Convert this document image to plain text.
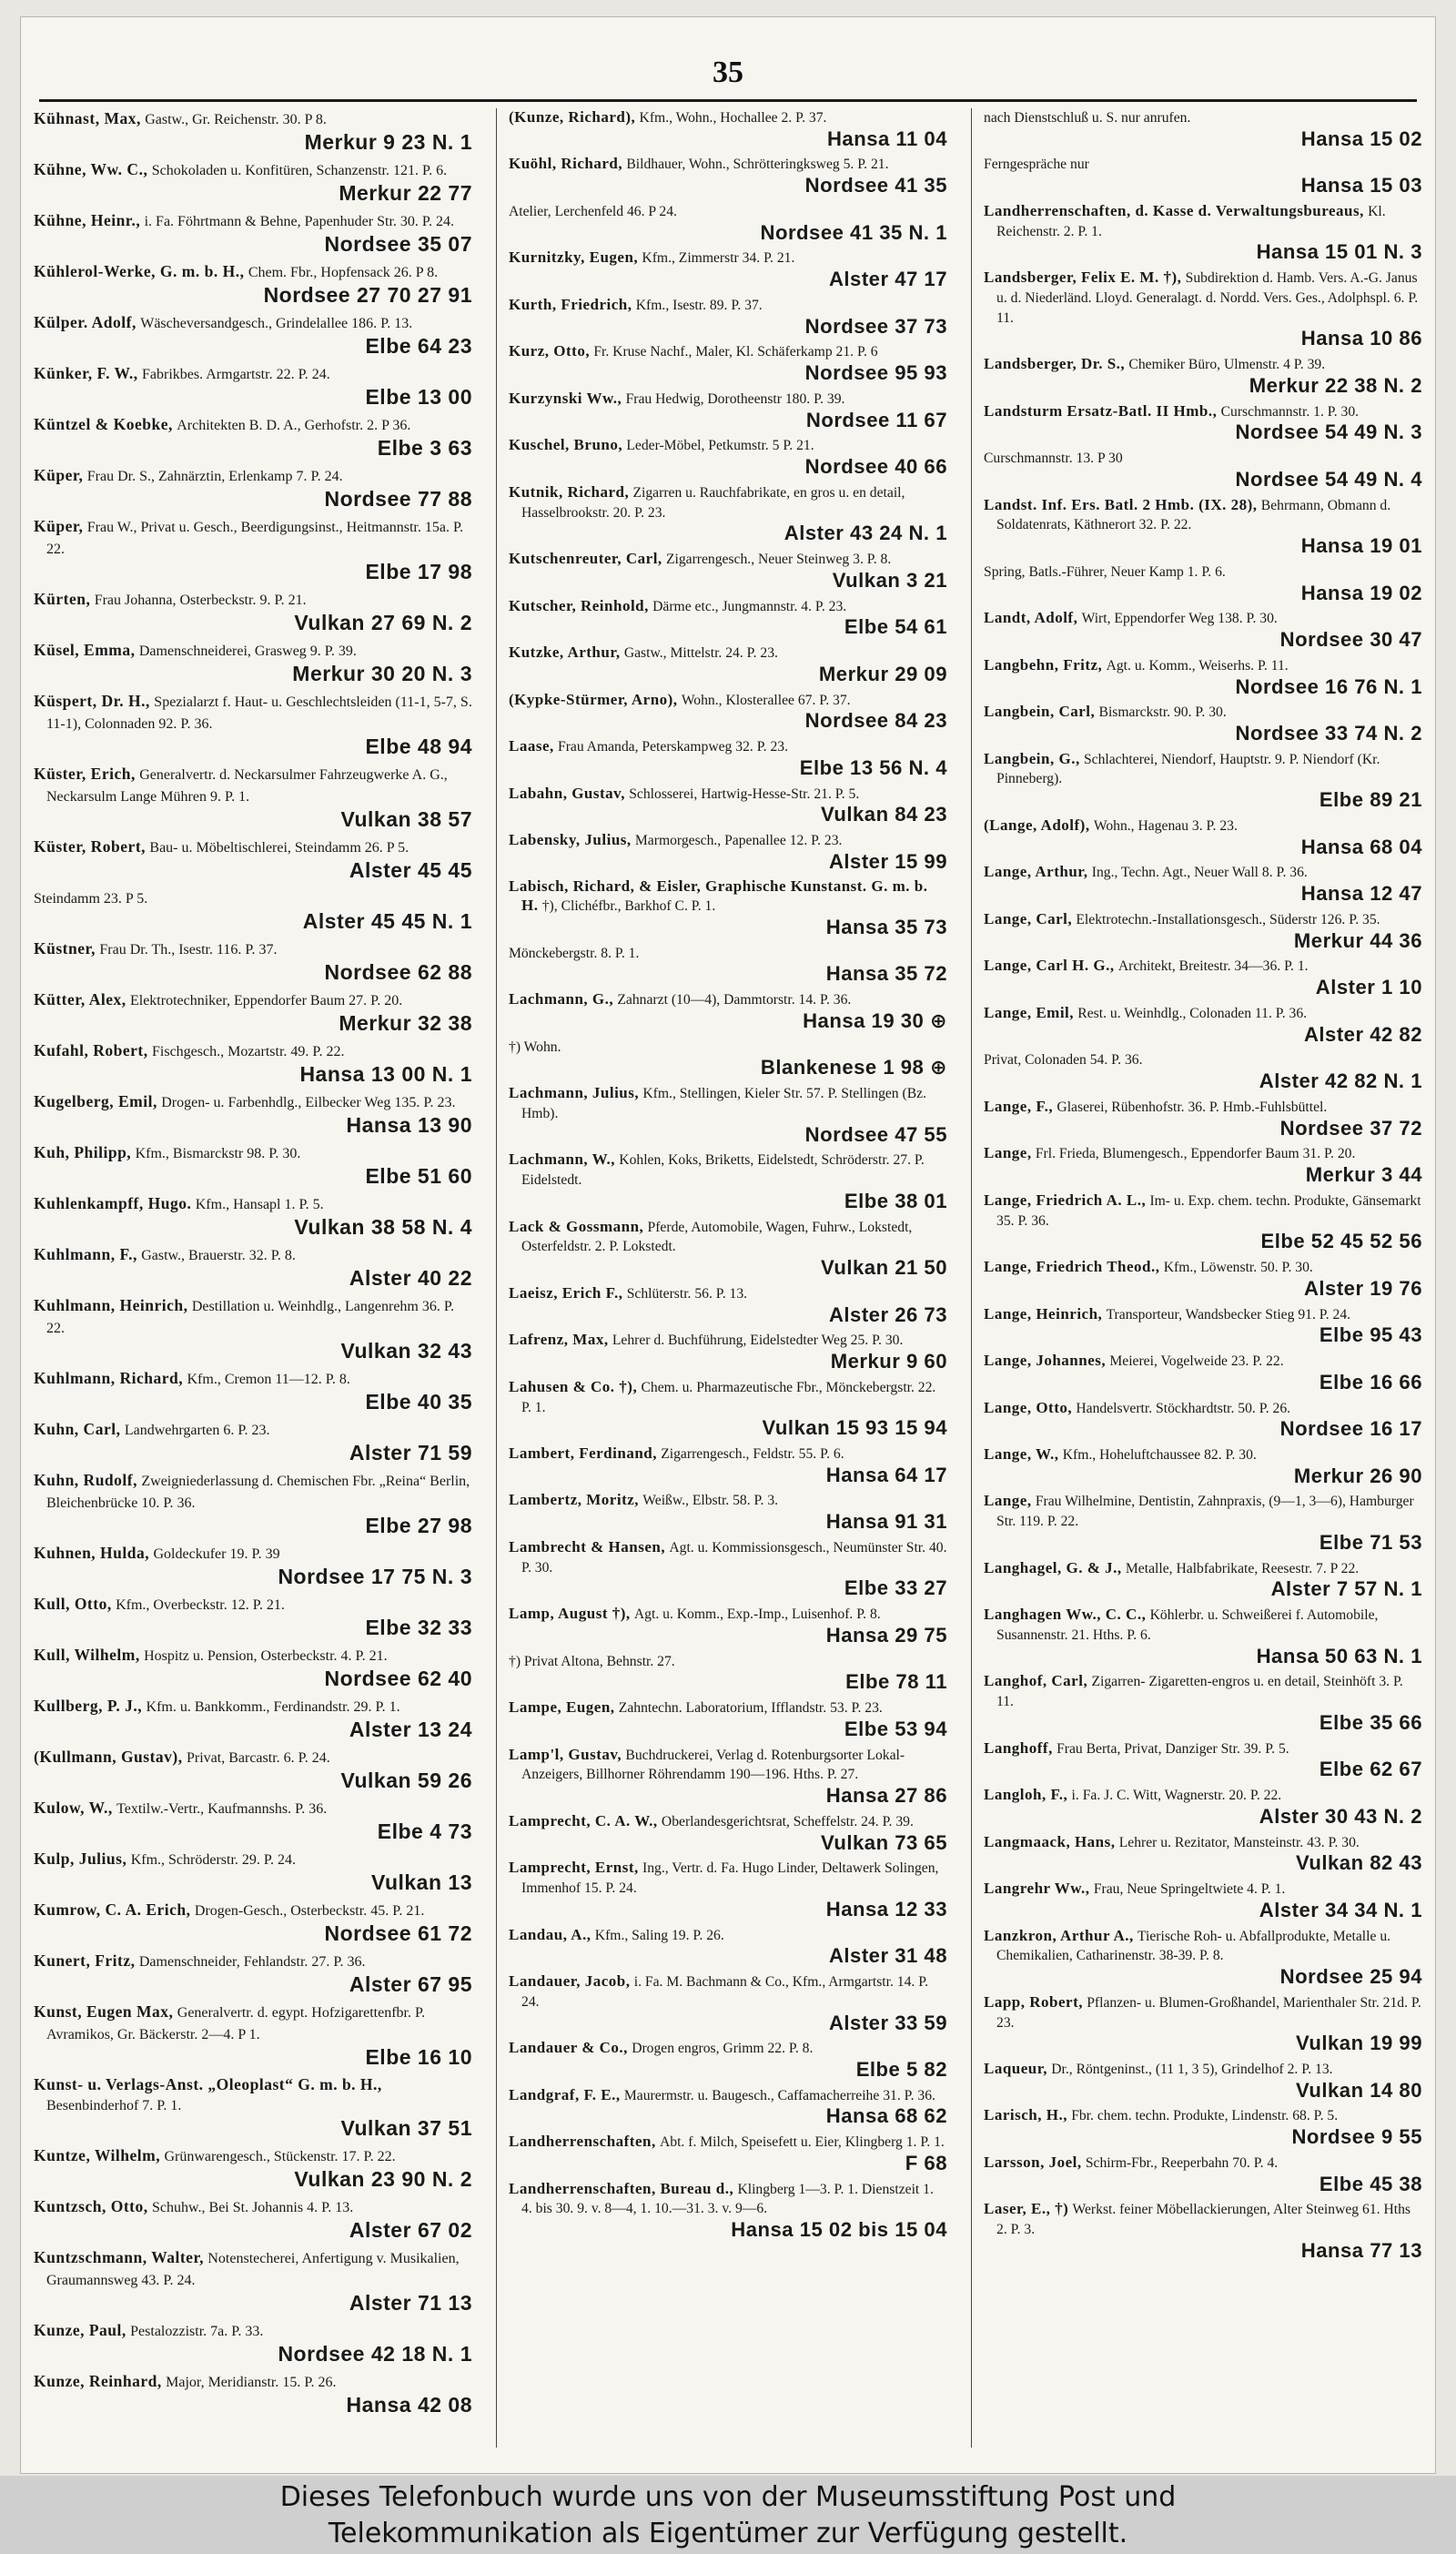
35
Kühnast, Max, Gastw., Gr. Reichenstr. 30. P 8.
Merkur 9 23 N. 1
Kühne, Ww. C., Schokoladen u. Konfitüren, Schanzenstr. 121. P. 6.
Merkur 22 77
Kühne, Heinr., i. Fa. Föhrtmann & Behne, Papenhuder Str. 30. P. 24.
Nordsee 35 07
Kühlerol-Werke, G. m. b. H., Chem. Fbr., Hopfensack 26. P 8.
Nordsee 27 70 27 91
Külper. Adolf, Wäscheversandgesch., Grindelallee 186. P. 13.
Elbe 64 23
Künker, F. W., Fabrikbes. Armgartstr. 22. P. 24.
Elbe 13 00
Küntzel & Koebke, Architekten B. D. A., Gerhofstr. 2. P 36.
Elbe 3 63
Küper, Frau Dr. S., Zahnärztin, Erlenkamp 7. P. 24.
Nordsee 77 88
Küper, Frau W., Privat u. Gesch., Beerdigungsinst., Heitmannstr. 15a. P. 22.
Elbe 17 98
Kürten, Frau Johanna, Osterbeckstr. 9. P. 21.
Vulkan 27 69 N. 2
Küsel, Emma, Damenschneiderei, Grasweg 9. P. 39.
Merkur 30 20 N. 3
Küspert, Dr. H., Spezialarzt f. Haut- u. Geschlechtsleiden (11-1, 5-7, S. 11-1), Colonnaden 92. P. 36.
Elbe 48 94
Küster, Erich, Generalvertr. d. Neckarsulmer Fahrzeugwerke A. G., Neckarsulm Lange Mühren 9. P. 1.
Vulkan 38 57
Küster, Robert, Bau- u. Möbeltischlerei, Steindamm 26. P 5.
Alster 45 45
Steindamm 23. P 5.
Alster 45 45 N. 1
Küstner, Frau Dr. Th., Isestr. 116. P. 37.
Nordsee 62 88
Kütter, Alex, Elektrotechniker, Eppendorfer Baum 27. P. 20.
Merkur 32 38
Kufahl, Robert, Fischgesch., Mozartstr. 49. P. 22.
Hansa 13 00 N. 1
Kugelberg, Emil, Drogen- u. Farbenhdlg., Eilbecker Weg 135. P. 23.
Hansa 13 90
Kuh, Philipp, Kfm., Bismarckstr 98. P. 30.
Elbe 51 60
Kuhlenkampff, Hugo. Kfm., Hansapl 1. P. 5.
Vulkan 38 58 N. 4
Kuhlmann, F., Gastw., Brauerstr. 32. P. 8.
Alster 40 22
Kuhlmann, Heinrich, Destillation u. Weinhdlg., Langenrehm 36. P. 22.
Vulkan 32 43
Kuhlmann, Richard, Kfm., Cremon 11—12. P. 8.
Elbe 40 35
Kuhn, Carl, Landwehrgarten 6. P. 23.
Alster 71 59
Kuhn, Rudolf, Zweigniederlassung d. Chemischen Fbr. „Reina“ Berlin, Bleichenbrücke 10. P. 36.
Elbe 27 98
Kuhnen, Hulda, Goldeckufer 19. P. 39
Nordsee 17 75 N. 3
Kull, Otto, Kfm., Overbeckstr. 12. P. 21.
Elbe 32 33
Kull, Wilhelm, Hospitz u. Pension, Osterbeckstr. 4. P. 21.
Nordsee 62 40
Kullberg, P. J., Kfm. u. Bankkomm., Ferdinandstr. 29. P. 1.
Alster 13 24
(Kullmann, Gustav), Privat, Barcastr. 6. P. 24.
Vulkan 59 26
Kulow, W., Textilw.-Vertr., Kaufmannshs. P. 36.
Elbe 4 73
Kulp, Julius, Kfm., Schröderstr. 29. P. 24.
Vulkan 13
Kumrow, C. A. Erich, Drogen-Gesch., Osterbeckstr. 45. P. 21.
Nordsee 61 72
Kunert, Fritz, Damenschneider, Fehlandstr. 27. P. 36.
Alster 67 95
Kunst, Eugen Max, Generalvertr. d. egypt. Hofzigarettenfbr. P. Avramikos, Gr. Bäckerstr. 2—4. P 1.
Elbe 16 10
Kunst- u. Verlags-Anst. „Oleoplast“ G. m. b. H., Besenbinderhof 7. P. 1.
Vulkan 37 51
Kuntze, Wilhelm, Grünwarengesch., Stückenstr. 17. P. 22.
Vulkan 23 90 N. 2
Kuntzsch, Otto, Schuhw., Bei St. Johannis 4. P. 13.
Alster 67 02
Kuntzschmann, Walter, Notenstecherei, Anfertigung v. Musikalien, Graumannsweg 43. P. 24.
Alster 71 13
Kunze, Paul, Pestalozzistr. 7a. P. 33.
Nordsee 42 18 N. 1
Kunze, Reinhard, Major, Meridianstr. 15. P. 26.
Hansa 42 08
(Kunze, Richard), Kfm., Wohn., Hochallee 2. P. 37.
Hansa 11 04
Kuöhl, Richard, Bildhauer, Wohn., Schrötteringksweg 5. P. 21.
Nordsee 41 35
Atelier, Lerchenfeld 46. P 24.
Nordsee 41 35 N. 1
Kurnitzky, Eugen, Kfm., Zimmerstr 34. P. 21.
Alster 47 17
Kurth, Friedrich, Kfm., Isestr. 89. P. 37.
Nordsee 37 73
Kurz, Otto, Fr. Kruse Nachf., Maler, Kl. Schäferkamp 21. P. 6
Nordsee 95 93
Kurzynski Ww., Frau Hedwig, Dorotheenstr 180. P. 39.
Nordsee 11 67
Kuschel, Bruno, Leder-Möbel, Petkumstr. 5 P. 21.
Nordsee 40 66
Kutnik, Richard, Zigarren u. Rauchfabrikate, en gros u. en detail, Hasselbrookstr. 20. P. 23.
Alster 43 24 N. 1
Kutschenreuter, Carl, Zigarrengesch., Neuer Steinweg 3. P. 8.
Vulkan 3 21
Kutscher, Reinhold, Därme etc., Jungmannstr. 4. P. 23.
Elbe 54 61
Kutzke, Arthur, Gastw., Mittelstr. 24. P. 23.
Merkur 29 09
(Kypke-Stürmer, Arno), Wohn., Klosterallee 67. P. 37.
Nordsee 84 23
Laase, Frau Amanda, Peterskampweg 32. P. 23.
Elbe 13 56 N. 4
Labahn, Gustav, Schlosserei, Hartwig-Hesse-Str. 21. P. 5.
Vulkan 84 23
Labensky, Julius, Marmorgesch., Papenallee 12. P. 23.
Alster 15 99
Labisch, Richard, & Eisler, Graphische Kunstanst. G. m. b. H. †), Clichéfbr., Barkhof C. P. 1.
Hansa 35 73
Mönckebergstr. 8. P. 1.
Hansa 35 72
Lachmann, G., Zahnarzt (10—4), Dammtorstr. 14. P. 36.
Hansa 19 30 ⊕
†) Wohn.
Blankenese 1 98 ⊕
Lachmann, Julius, Kfm., Stellingen, Kieler Str. 57. P. Stellingen (Bz. Hmb).
Nordsee 47 55
Lachmann, W., Kohlen, Koks, Briketts, Eidelstedt, Schröderstr. 27. P. Eidelstedt.
Elbe 38 01
Lack & Gossmann, Pferde, Automobile, Wagen, Fuhrw., Lokstedt, Osterfeldstr. 2. P. Lokstedt.
Vulkan 21 50
Laeisz, Erich F., Schlüterstr. 56. P. 13.
Alster 26 73
Lafrenz, Max, Lehrer d. Buchführung, Eidelstedter Weg 25. P. 30.
Merkur 9 60
Lahusen & Co. †), Chem. u. Pharmazeutische Fbr., Mönckebergstr. 22. P. 1.
Vulkan 15 93 15 94
Lambert, Ferdinand, Zigarrengesch., Feldstr. 55. P. 6.
Hansa 64 17
Lambertz, Moritz, Weißw., Elbstr. 58. P. 3.
Hansa 91 31
Lambrecht & Hansen, Agt. u. Kommissionsgesch., Neumünster Str. 40. P. 30.
Elbe 33 27
Lamp, August †), Agt. u. Komm., Exp.-Imp., Luisenhof. P. 8.
Hansa 29 75
†) Privat Altona, Behnstr. 27.
Elbe 78 11
Lampe, Eugen, Zahntechn. Laboratorium, Ifflandstr. 53. P. 23.
Elbe 53 94
Lamp'l, Gustav, Buchdruckerei, Verlag d. Rotenburgsorter Lokal-Anzeigers, Billhorner Röhrendamm 190—196. Hths. P. 27.
Hansa 27 86
Lamprecht, C. A. W., Oberlandesgerichtsrat, Scheffelstr. 24. P. 39.
Vulkan 73 65
Lamprecht, Ernst, Ing., Vertr. d. Fa. Hugo Linder, Deltawerk Solingen, Immenhof 15. P. 24.
Hansa 12 33
Landau, A., Kfm., Saling 19. P. 26.
Alster 31 48
Landauer, Jacob, i. Fa. M. Bachmann & Co., Kfm., Armgartstr. 14. P. 24.
Alster 33 59
Landauer & Co., Drogen engros, Grimm 22. P. 8.
Elbe 5 82
Landgraf, F. E., Maurermstr. u. Baugesch., Caffamacherreihe 31. P. 36.
Hansa 68 62
Landherrenschaften, Abt. f. Milch, Speisefett u. Eier, Klingberg 1. P. 1.
F 68
Landherrenschaften, Bureau d., Klingberg 1—3. P. 1. Dienstzeit 1. 4. bis 30. 9. v. 8—4, 1. 10.—31. 3. v. 9—6.
Hansa 15 02 bis 15 04
nach Dienstschluß u. S. nur anrufen.
Hansa 15 02
Ferngespräche nur
Hansa 15 03
Landherrenschaften, d. Kasse d. Verwaltungsbureaus, Kl. Reichenstr. 2. P. 1.
Hansa 15 01 N. 3
Landsberger, Felix E. M. †), Subdirektion d. Hamb. Vers. A.-G. Janus u. d. Niederländ. Lloyd. Generalagt. d. Nordd. Vers. Ges., Adolphspl. 6. P. 11.
Hansa 10 86
Landsberger, Dr. S., Chemiker Büro, Ulmenstr. 4 P. 39.
Merkur 22 38 N. 2
Landsturm Ersatz-Batl. II Hmb., Curschmannstr. 1. P. 30.
Nordsee 54 49 N. 3
Curschmannstr. 13. P 30
Nordsee 54 49 N. 4
Landst. Inf. Ers. Batl. 2 Hmb. (IX. 28), Behrmann, Obmann d. Soldatenrats, Käthnerort 32. P. 22.
Hansa 19 01
Spring, Batls.-Führer, Neuer Kamp 1. P. 6.
Hansa 19 02
Landt, Adolf, Wirt, Eppendorfer Weg 138. P. 30.
Nordsee 30 47
Langbehn, Fritz, Agt. u. Komm., Weiserhs. P. 11.
Nordsee 16 76 N. 1
Langbein, Carl, Bismarckstr. 90. P. 30.
Nordsee 33 74 N. 2
Langbein, G., Schlachterei, Niendorf, Hauptstr. 9. P. Niendorf (Kr. Pinneberg).
Elbe 89 21
(Lange, Adolf), Wohn., Hagenau 3. P. 23.
Hansa 68 04
Lange, Arthur, Ing., Techn. Agt., Neuer Wall 8. P. 36.
Hansa 12 47
Lange, Carl, Elektrotechn.-Installationsgesch., Süderstr 126. P. 35.
Merkur 44 36
Lange, Carl H. G., Architekt, Breitestr. 34—36. P. 1.
Alster 1 10
Lange, Emil, Rest. u. Weinhdlg., Colonaden 11. P. 36.
Alster 42 82
Privat, Colonaden 54. P. 36.
Alster 42 82 N. 1
Lange, F., Glaserei, Rübenhofstr. 36. P. Hmb.-Fuhlsbüttel.
Nordsee 37 72
Lange, Frl. Frieda, Blumengesch., Eppendorfer Baum 31. P. 20.
Merkur 3 44
Lange, Friedrich A. L., Im- u. Exp. chem. techn. Produkte, Gänsemarkt 35. P. 36.
Elbe 52 45 52 56
Lange, Friedrich Theod., Kfm., Löwenstr. 50. P. 30.
Alster 19 76
Lange, Heinrich, Transporteur, Wandsbecker Stieg 91. P. 24.
Elbe 95 43
Lange, Johannes, Meierei, Vogelweide 23. P. 22.
Elbe 16 66
Lange, Otto, Handelsvertr. Stöckhardtstr. 50. P. 26.
Nordsee 16 17
Lange, W., Kfm., Hoheluftchaussee 82. P. 30.
Merkur 26 90
Lange, Frau Wilhelmine, Dentistin, Zahnpraxis, (9—1, 3—6), Hamburger Str. 119. P. 22.
Elbe 71 53
Langhagel, G. & J., Metalle, Halbfabrikate, Reesestr. 7. P 22.
Alster 7 57 N. 1
Langhagen Ww., C. C., Köhlerbr. u. Schweißerei f. Automobile, Susannenstr. 21. Hths. P. 6.
Hansa 50 63 N. 1
Langhof, Carl, Zigarren- Zigaretten-engros u. en detail, Steinhöft 3. P. 11.
Elbe 35 66
Langhoff, Frau Berta, Privat, Danziger Str. 39. P. 5.
Elbe 62 67
Langloh, F., i. Fa. J. C. Witt, Wagnerstr. 20. P. 22.
Alster 30 43 N. 2
Langmaack, Hans, Lehrer u. Rezitator, Mansteinstr. 43. P. 30.
Vulkan 82 43
Langrehr Ww., Frau, Neue Springeltwiete 4. P. 1.
Alster 34 34 N. 1
Lanzkron, Arthur A., Tierische Roh- u. Abfallprodukte, Metalle u. Chemikalien, Catharinenstr. 38-39. P. 8.
Nordsee 25 94
Lapp, Robert, Pflanzen- u. Blumen-Großhandel, Marienthaler Str. 21d. P. 23.
Vulkan 19 99
Laqueur, Dr., Röntgeninst., (11 1, 3 5), Grindelhof 2. P. 13.
Vulkan 14 80
Larisch, H., Fbr. chem. techn. Produkte, Lindenstr. 68. P. 5.
Nordsee 9 55
Larsson, Joel, Schirm-Fbr., Reeperbahn 70. P. 4.
Elbe 45 38
Laser, E., †) Werkst. feiner Möbellackierungen, Alter Steinweg 61. Hths 2. P. 3.
Hansa 77 13
Dieses Telefonbuch wurde uns von der Museumsstiftung Post und
Telekommunikation als Eigentümer zur Verfügung gestellt.
